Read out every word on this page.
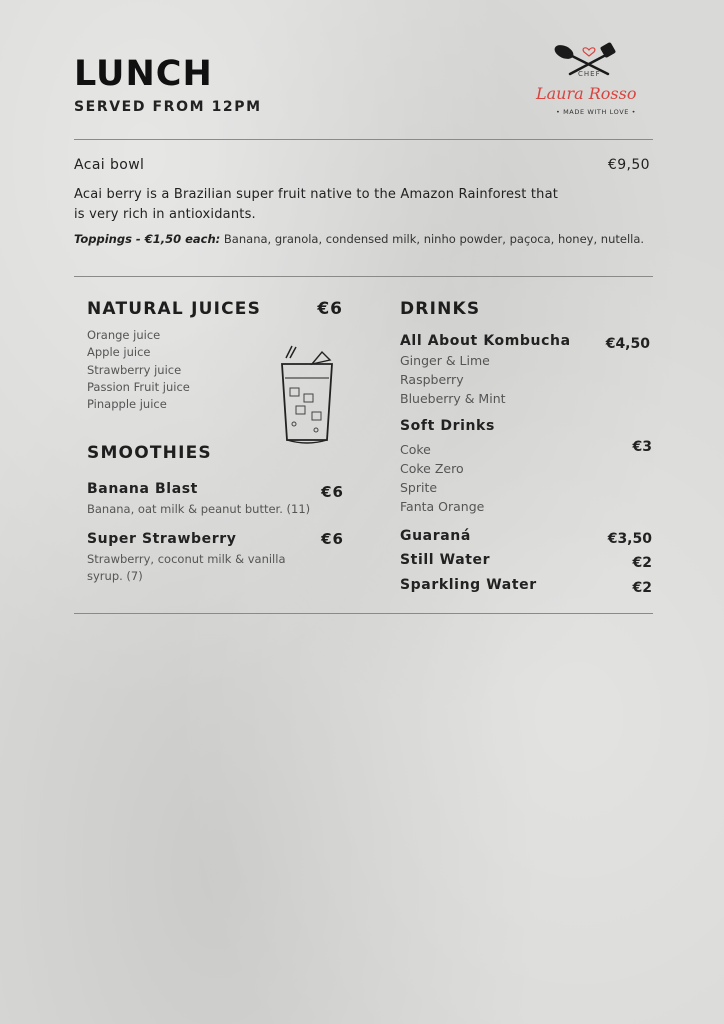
LUNCH
SERVED FROM 12PM
CHEF
Laura Rosso
• MADE WITH LOVE •
Acai bowl	€9,50
Acai berry is a Brazilian super fruit native to the Amazon Rainforest that
is very rich in antioxidants.
Toppings - €1,50 each: Banana, granola, condensed milk, ninho powder, paçoca, honey, nutella.
NATURAL JUICES	€6
Orange juice
Apple juice
Strawberry juice
Passion Fruit juice
Pinapple juice
SMOOTHIES
Banana Blast	€6
Banana, oat milk & peanut butter. (11)
Super Strawberry	€6
Strawberry, coconut milk & vanilla
syrup. (7)
DRINKS
All About Kombucha	€4,50
Ginger & Lime
Raspberry
Blueberry & Mint
Soft Drinks
€3
Coke
Coke Zero
Sprite
Fanta Orange
Guaraná	€3,50
Still Water	€2
Sparkling Water	€2
